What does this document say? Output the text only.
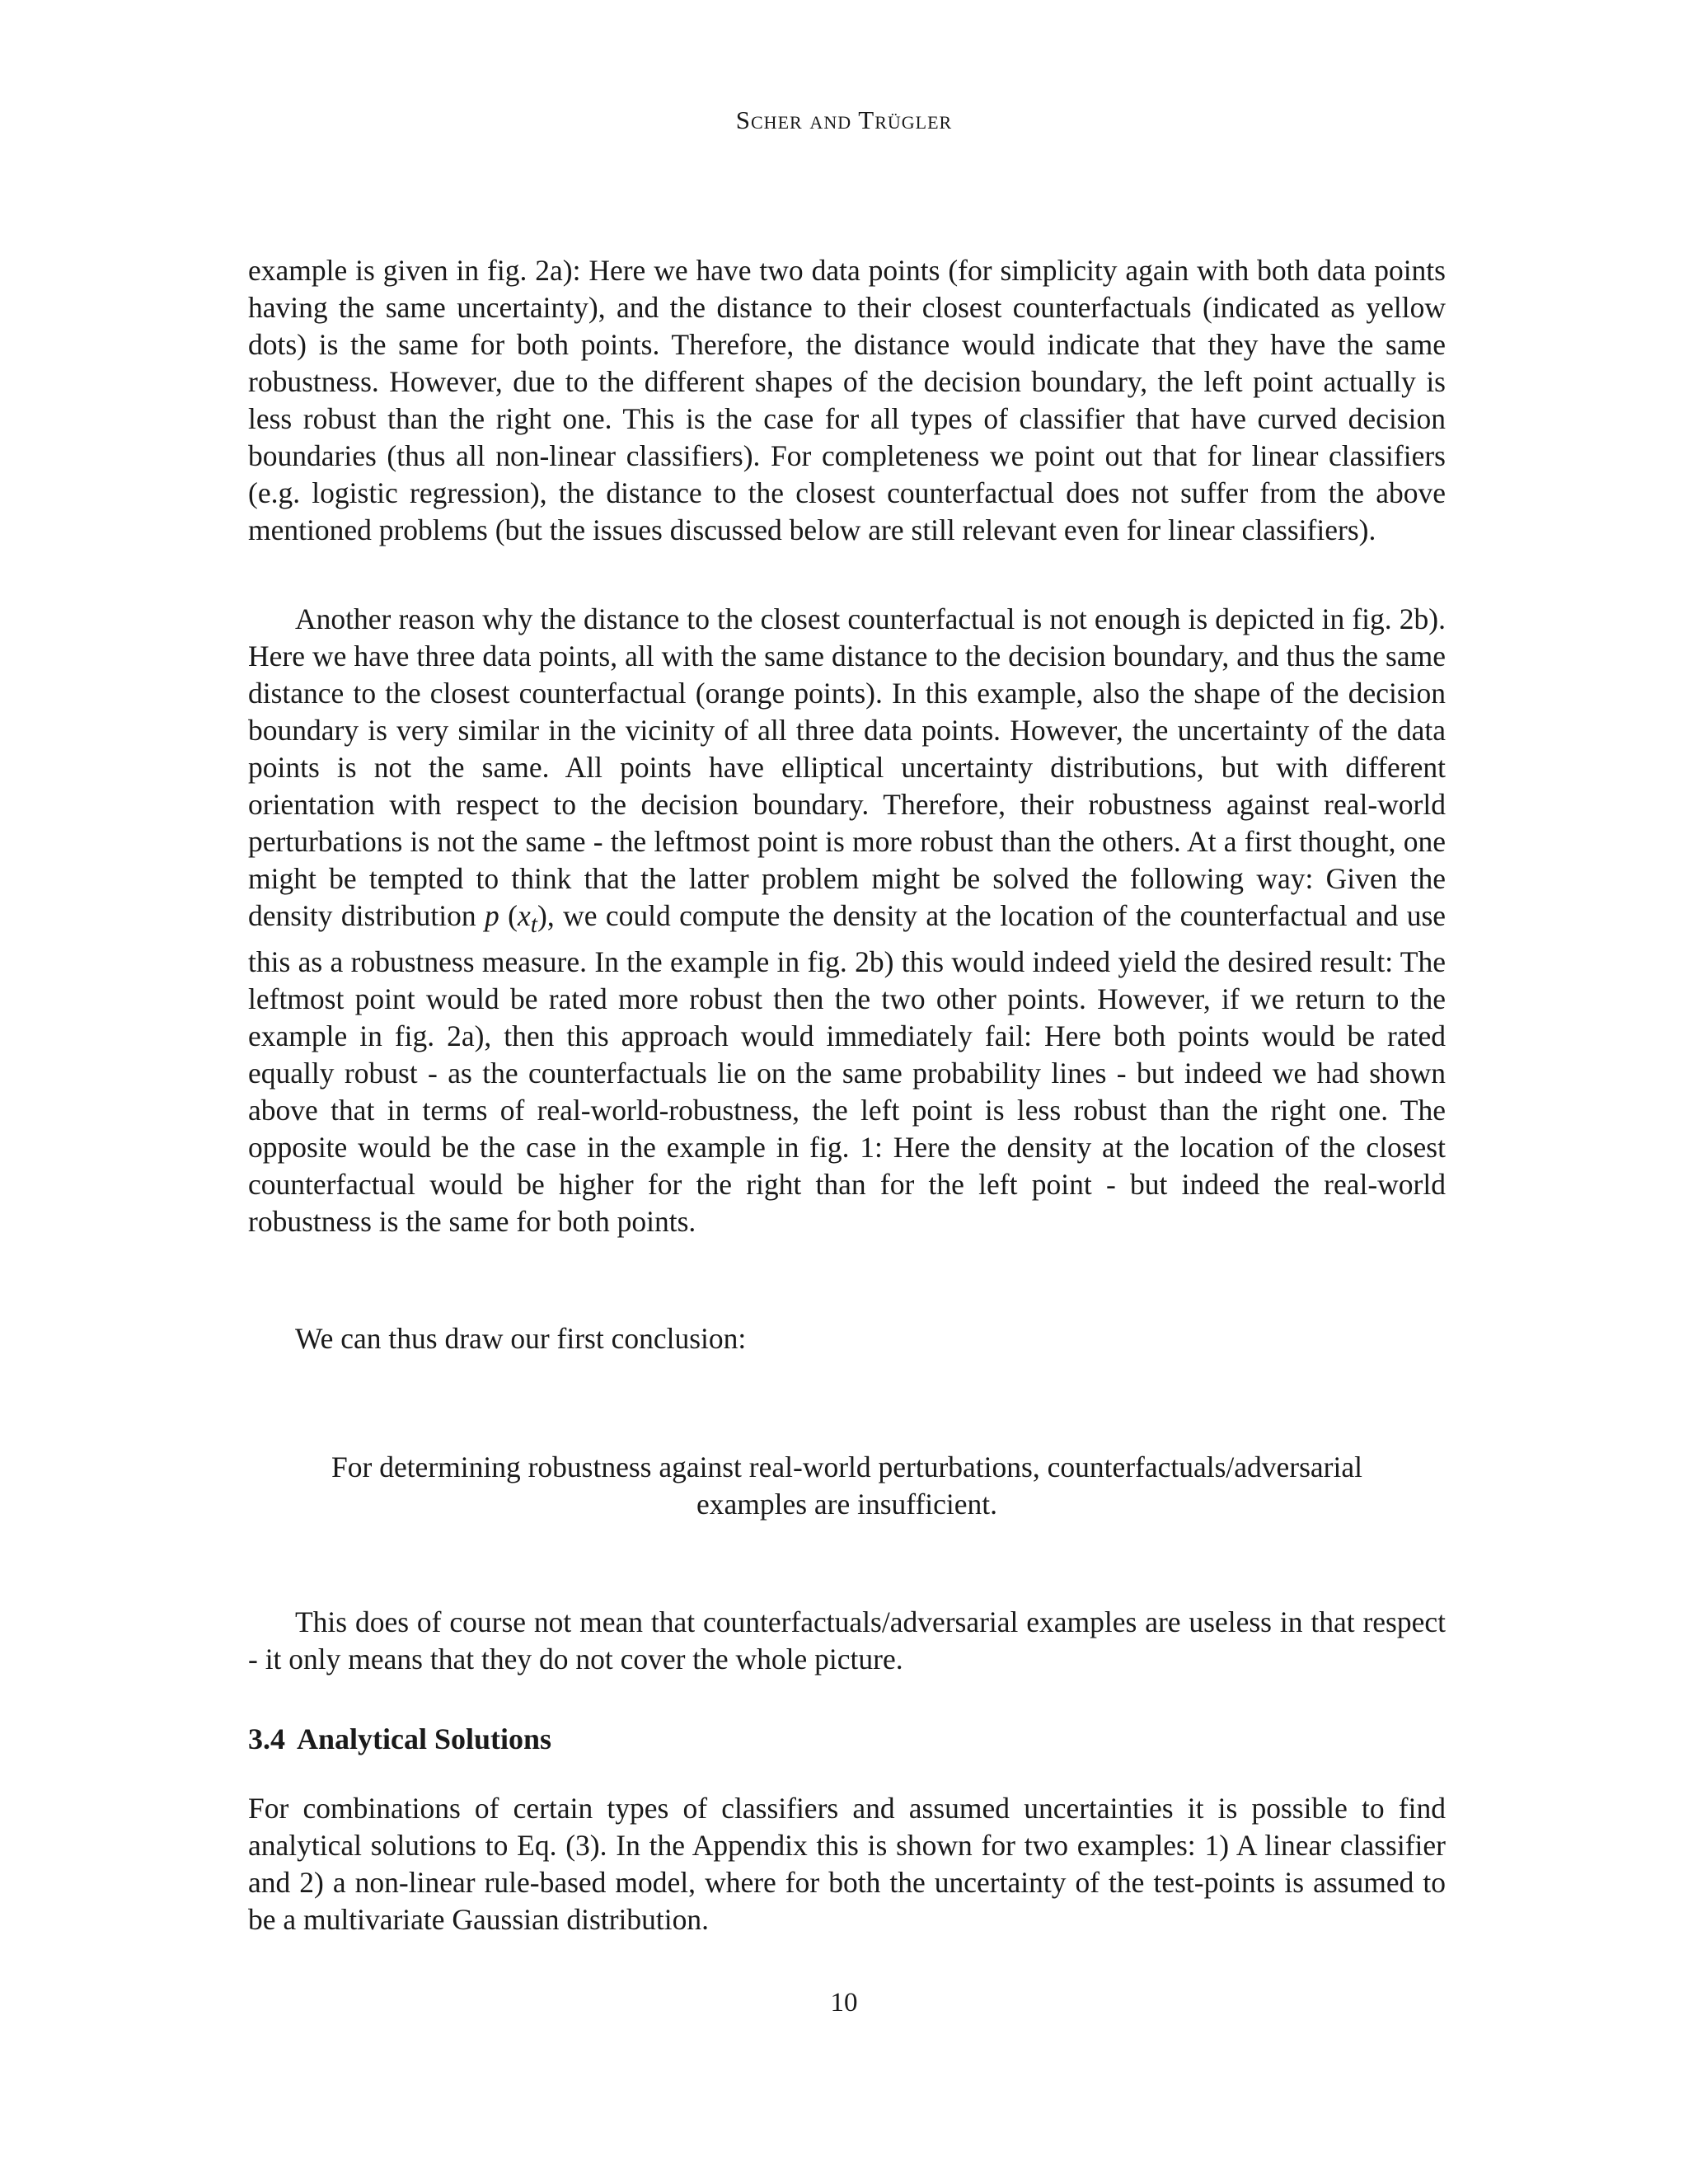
Scher and Trügler

example is given in fig. 2a): Here we have two data points (for simplicity again with both data points having the same uncertainty), and the distance to their closest counterfactuals (indicated as yellow dots) is the same for both points. Therefore, the distance would indicate that they have the same robustness. However, due to the different shapes of the decision boundary, the left point actually is less robust than the right one. This is the case for all types of classifier that have curved decision boundaries (thus all non-linear classifiers). For completeness we point out that for linear classifiers (e.g. logistic regression), the distance to the closest counterfactual does not suffer from the above mentioned problems (but the issues discussed below are still relevant even for linear classifiers).

Another reason why the distance to the closest counterfactual is not enough is depicted in fig. 2b). Here we have three data points, all with the same distance to the decision boundary, and thus the same distance to the closest counterfactual (orange points). In this example, also the shape of the decision boundary is very similar in the vicinity of all three data points. However, the uncertainty of the data points is not the same. All points have elliptical uncertainty distributions, but with different orientation with respect to the decision boundary. Therefore, their robustness against real-world perturbations is not the same - the leftmost point is more robust than the others. At a first thought, one might be tempted to think that the latter problem might be solved the following way: Given the density distribution p $(x_t)$, we could compute the density at the location of the counterfactual and use this as a robustness measure. In the example in fig. 2b) this would indeed yield the desired result: The leftmost point would be rated more robust then the two other points. However, if we return to the example in fig. 2a), then this approach would immediately fail: Here both points would be rated equally robust - as the counterfactuals lie on the same probability lines - but indeed we had shown above that in terms of real-world-robustness, the left point is less robust than the right one. The opposite would be the case in the example in fig. 1: Here the density at the location of the closest counterfactual would be higher for the right than for the left point - but indeed the real-world robustness is the same for both points.

We can thus draw our first conclusion:

For determining robustness against real-world perturbations, counterfactuals/adversarial
examples are insufficient.

This does of course not mean that counterfactuals/adversarial examples are useless in that respect - it only means that they do not cover the whole picture.

3.4 Analytical Solutions

For combinations of certain types of classifiers and assumed uncertainties it is possible to find analytical solutions to Eq. (3). In the Appendix this is shown for two examples: 1) A linear classifier and 2) a non-linear rule-based model, where for both the uncertainty of the test-points is assumed to be a multivariate Gaussian distribution.

10
